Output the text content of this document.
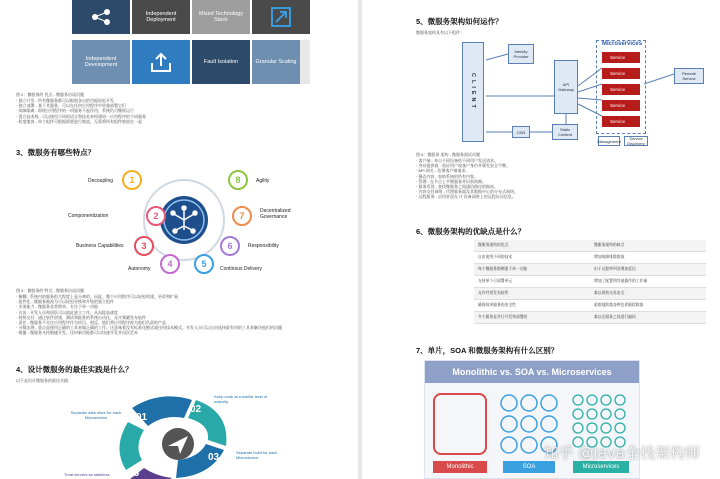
Independent Deployment
Mixed Technology Stack
Independent Development	Fault Isolation	Granular Scaling
图 2：微服务的 优点 - 微服务访谈问题
· 独立开发 - 所有微服务都可以根据各自的功能轻松开发
· 独立部署 - 基于其服务，可以在任何应用程序中单独部署它们
· 故障隔离 - 即使应用程序的一项服务不起作用，系统仍可继续运行
· 混合技术栈 - 可以使用不同的语言和技术来构建同一应用程序的不同服务
· 粒度缩放 - 单个组件可根据需要进行缩放，无需将所有组件缩放在一起
3、微服务有哪些特点？
1
Decoupling
2
Componentization
3
Business Capabilities
4
Autonomy	5	Continous Delivery
6	Responsibility
7	Decentralized Governance
8	Agility
图 3：微服务的 特点 - 微服务访谈问题
· 解耦 - 系统内的服务很大程度上是分离的。因此，整个应用程序可以轻松构建，更改和扩展
· 组件化 - 微服务被视为可以轻松更换和升级的独立组件
· 业务能力 - 微服务非常简单，专注于单一功能
· 自治 - 开发人员和团队可以彼此独立工作，从而提高速度
· 持续交付 - 通过软件创建，测试和批准的系统自动化，允许频繁发布软件
· 责任 - 微服务不关注应用程序作为项目。相反，他们将应用程序视为他们负责的产品
· 分散治理 - 重点是使用正确的工具来做正确的工作。这意味着没有标准化模式或任何技术模式。开发人员可以自由选择最有用的工具来解决他们的问题
· 敏捷 - 微服务支持敏捷开发。任何新功能都可以快速开发并再次丢弃
4、设计微服务的最佳实践是什么？
以下是设计微服务的最佳实践：
01
Separate data store for each Microservice
02
Keep code at a similar level of maturity
03	Separate build for each Microservice
05
Treat servers as stateless
5、微服务架构如何运作？
微服务架构具有以下组件：
CLIENT
Identity Provider
API Gateway
CDN	Static Content
Microservices
Service
Service
Service
Service
Service
Remote Service
Management	Service Discovery
图 5：微服务 架构 - 微服务面试问题
· 客户端 - 来自不同设备的不同用户发送请求。
· 身份提供商 - 验证用户或客户身份并颁发安全令牌。
· API 网关 - 处理客户端请求。
· 静态内容 - 容纳系统的所有内容。
· 管理 - 在节点上平衡服务并识别故障。
· 服务发现 - 查找微服务之间通信路径的指南。
· 内容交付网络 - 代理服务器及其数据中心的分布式网络。
· 远程服务 - 启用驻留在 IT 设备网络上的远程访问信息。
6、微服务架构的优缺点是什么？
微服务架构的优点	微服务架构的缺点
自由使用不同的技术	增加故障排除挑战
每个微服务都侧重于单一功能	由于远程呼叫而增加延迟
支持单个可部署单元	增加了配置和其他操作的工作量
允许经常发布软件	难以保持交易安全
确保每项服务的安全性	艰难地跨越各种边界跟踪数据
多个服务是并行开发和部署的	难以在服务之间进行编码
7、单片，SOA 和微服务架构有什么区别？
Monolithic vs. SOA vs. Microservices
Monolithic	SOA	Microservices
知乎 @Java全栈架构师
